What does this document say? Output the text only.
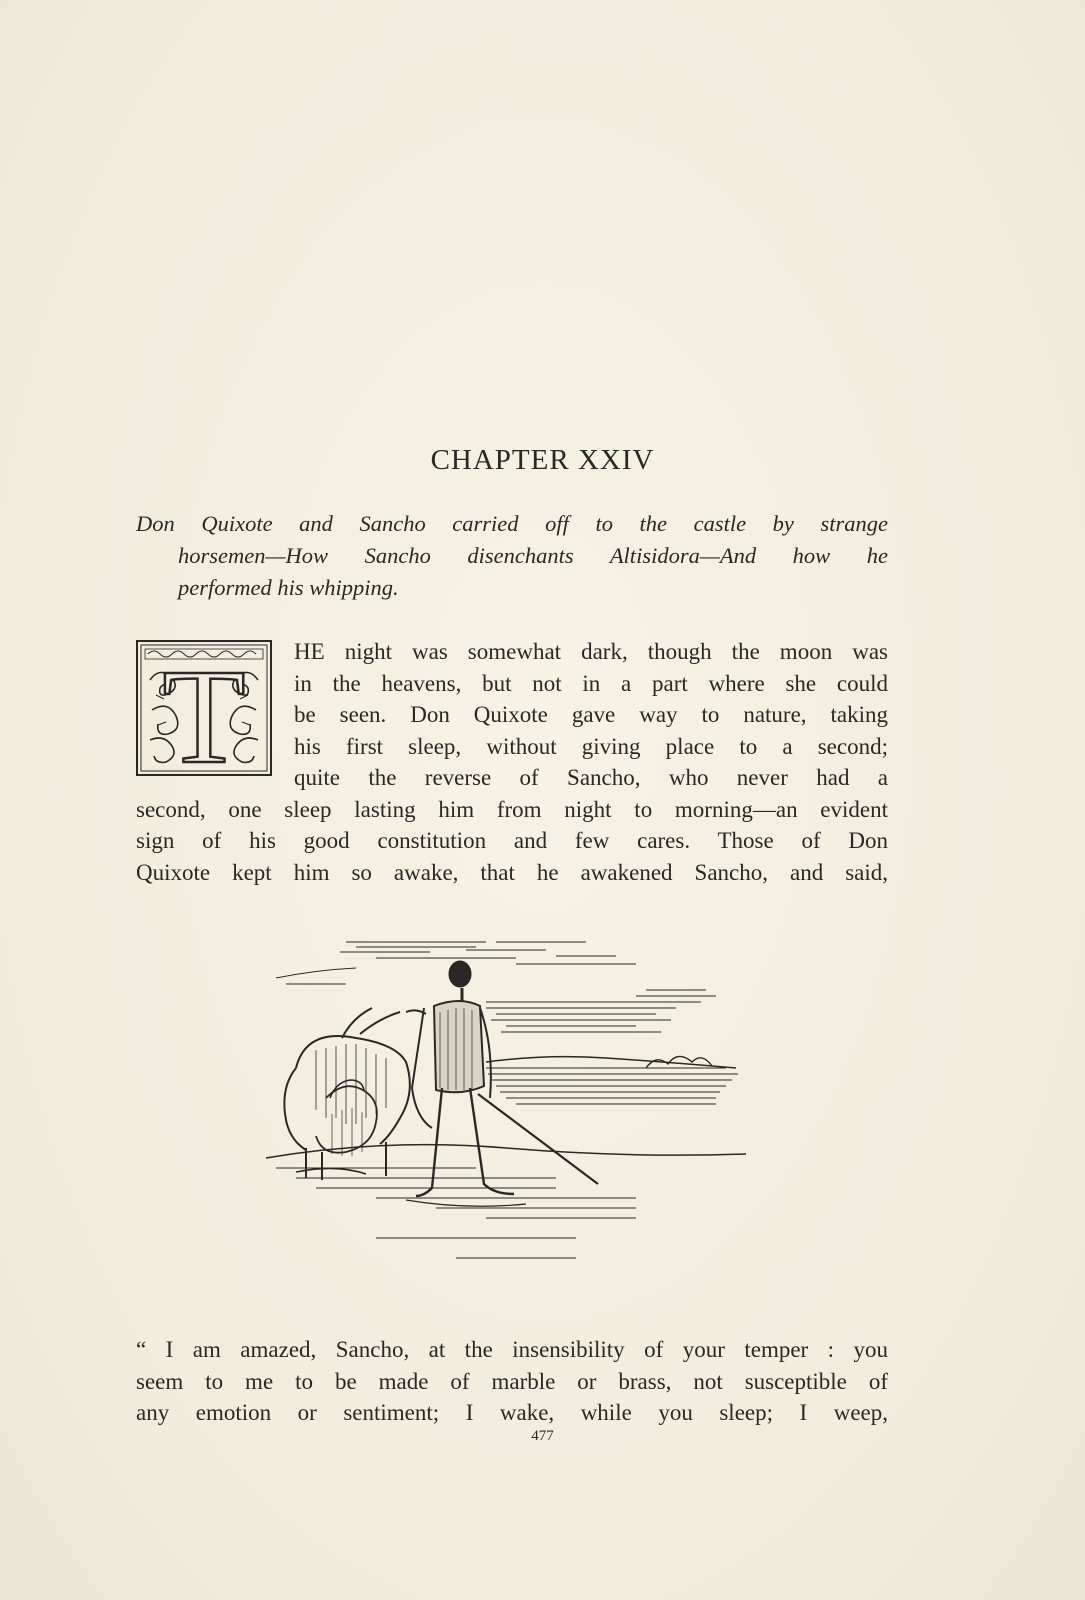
CHAPTER XXIV
Don Quixote and Sancho carried off to the castle by strange
horsemen—How Sancho disenchants Altisidora—And how he
performed his whipping.
T	HE night was somewhat dark, though the moon was
in the heavens, but not in a part where she could
be seen. Don Quixote gave way to nature, taking
his first sleep, without giving place to a second;
quite the reverse of Sancho, who never had a
second, one sleep lasting him from night to morning—an evident
sign of his good constitution and few cares. Those of Don
Quixote kept him so awake, that he awakened Sancho, and said,
“ I am amazed, Sancho, at the insensibility of your temper : you
seem to me to be made of marble or brass, not susceptible of
any emotion or sentiment; I wake, while you sleep; I weep,
477
